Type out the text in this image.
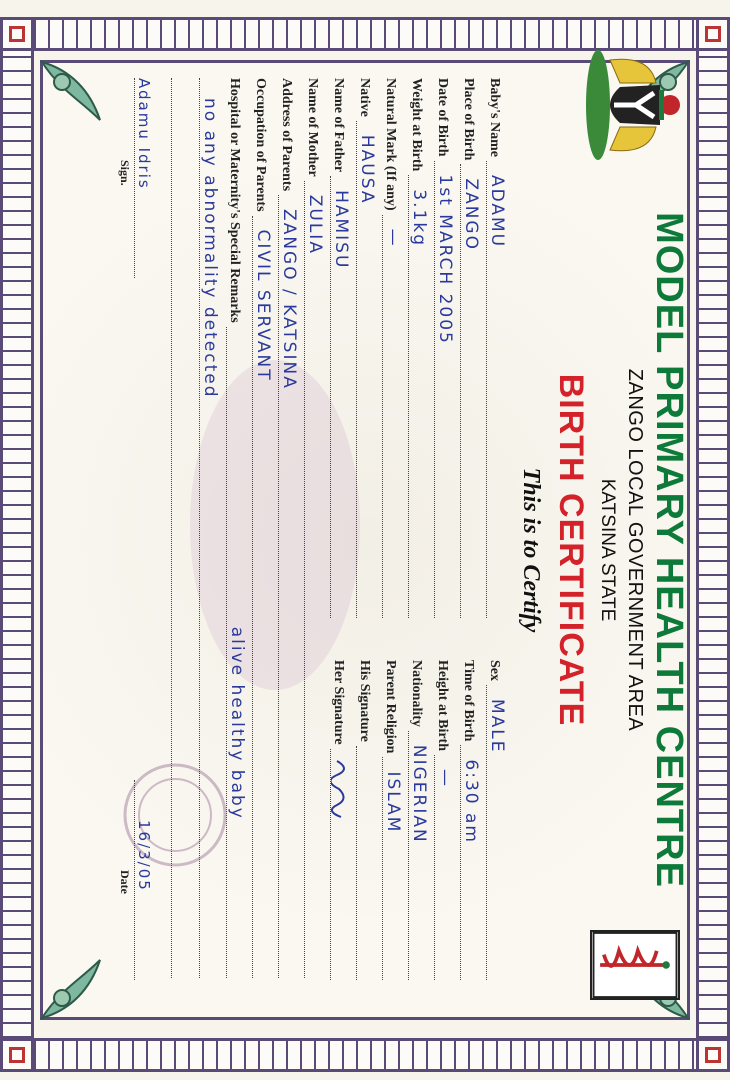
MODEL PRIMARY HEALTH CENTRE
ZANGO LOCAL GOVERNMENT AREA
KATSINA STATE
BIRTH CERTIFICATE
This is to Certify
Baby's Name
ADAMU
Place of Birth
ZANGO
Date of Birth
1st MARCH 2005
Weight at Birth
3.1kg
Natural Mark (If any)
—
Native
HAUSA
Name of Father
HAMISU
Name of Mother
ZULIA
Address of Parents
ZANGO / KATSINA
Occupation of Parents
CIVIL SERVANT
Sex
MALE
Time of Birth
6:30 am
Height at Birth
—
Nationality
NIGERIAN
Parent Religion
ISLAM
His Signature
Her Signature
Hospital or Maternity's Special Remarks
alive healthy baby
no any abnormality detected
Adamu Idris
Sign.
16/3/05
Date
